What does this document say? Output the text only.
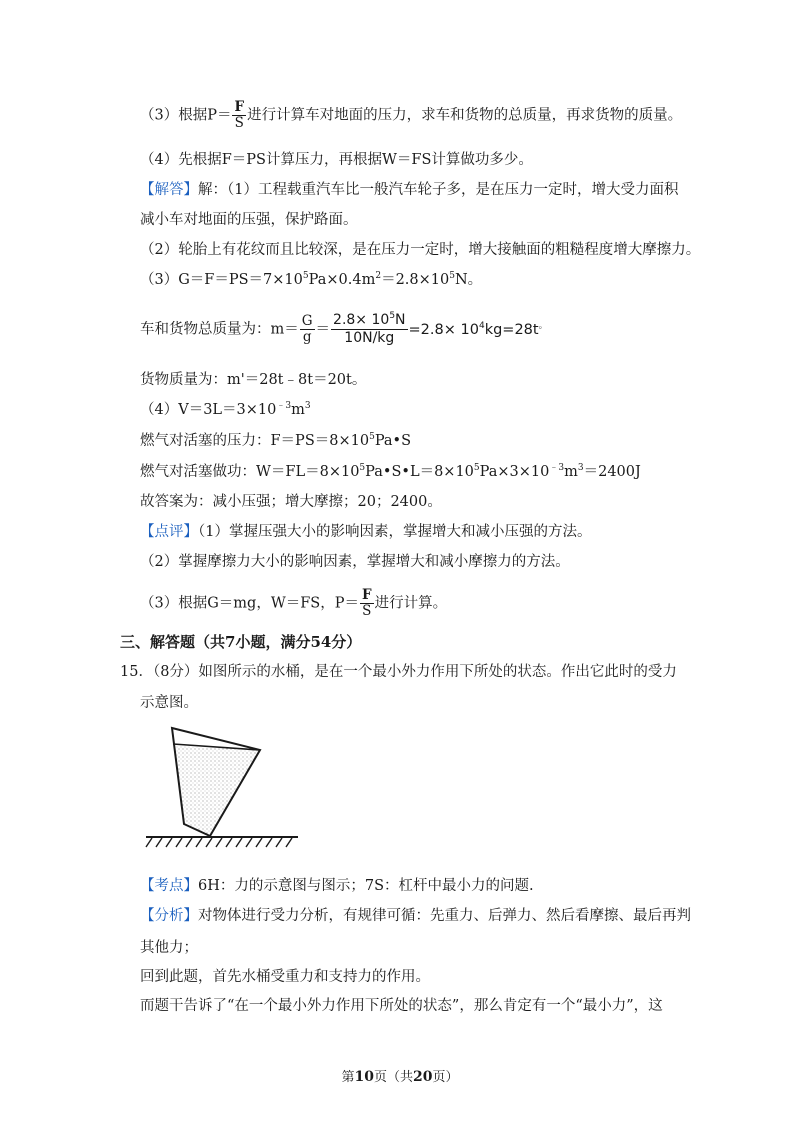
（3）根据$P= \frac{F}{S}$ 进行计算车对地面的压力，求车和货物的总质量，再求货物的质量。
（4）先根据F＝PS计算压力，再根据W＝FS计算做功多少。
【解答】解：（1）工程载重汽车比一般汽车轮子多，是在压力一定时，增大受力面积
减小车对地面的压强，保护路面。
（2）轮胎上有花纹而且比较深，是在压力一定时，增大接触面的粗糙程度增大摩擦力。
$(3)G=F=PS=7\times 10^5Pa\times 0.4m^2=2.8\times 10^5N$。
车和货物总质量为：$m= \frac{G}{g} = \frac{2.8\times 10^5N}{10N/kg} =2.8\times 10^4kg=28t^。$
货物质量为：m'＝28t﹣8t＝20t。
$(4)V=3L=3\times 10^{﹣3}m^3$
燃气对活塞的压力：$F=PS=8\times 10^5Pa•S$
燃气对活塞做功：$W=FL=8\times 10^5Pa•S•L=8\times 10^5Pa\times 3\times 10^{﹣3}m^3=2400J$
故答案为：减小压强；增大摩擦；20；2400。
【点评】（1）掌握压强大小的影响因素，掌握增大和减小压强的方法。
（2）掌握摩擦力大小的影响因素，掌握增大和减小摩擦力的方法。
（3）根据G＝mg，W＝FS，$P= \frac{F}{S}$ 进行计算。
三、解答题（共7小题，满分54分）
15．（8分）如图所示的水桶，是在一个最小外力作用下所处的状态。作出它此时的受力
示意图。
【考点】6H：力的示意图与图示；7S：杠杆中最小力的问题.
【分析】对物体进行受力分析，有规律可循：先重力、后弹力、然后看摩擦、最后再判
其他力；
回到此题，首先水桶受重力和支持力的作用。
而题干告诉了“在一个最小外力作用下所处的状态”，那么肯定有一个“最小力”，这
第10页（共20页）
